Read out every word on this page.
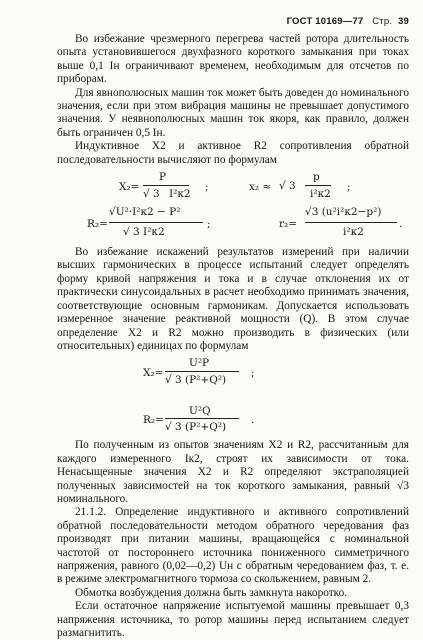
ГОСТ 10169—77 Стр. 39

Во избежание чрезмерного перегрева частей ротора длительность опыта установившегося двухфазного короткого замыкания при токах выше 0,1 Iн ограничивают временем, необходимым для отсчетов по приборам.

Для явнополюсных машин ток может быть доведен до номинального значения, если при этом вибрация машины не превышает допустимого значения. У неявнополюсных машин ток якоря, как правило, должен быть ограничен 0,5 Iн.

Индуктивное X2 и активное R2 сопротивления обратной последовательности вычисляют по формулам

X₂=
P
√ 3 I²к2
;	x₂ ≈ √ 3
p
i²к2
;
R₂=
√U²·I²к2 − P²
√ 3 I²к2
;	r₂=
√3 (u²i²к2−p²)
i²к2
.

Во избежание искажений результатов измерений при наличии высших гармонических в процессе испытаний следует определять форму кривой напряжения и тока и в случае отклонения их от практически синусоидальных в расчет необходимо принимать значения, соответствующие основным гармоникам. Допускается использовать измеренное значение реактивной мощности (Q). В этом случае определение X2 и R2 можно производить в физических (или относительных) единицах по формулам

X₂=
U²P
√ 3 (P²+Q²)
;
R₂=
U²Q
√ 3 (P²+Q²)
.

По полученным из опытов значениям X2 и R2, рассчитанным для каждого измеренного Iк2, строят их зависимости от тока. Ненасыщенные значения X2 и R2 определяют экстраполяцией полученных зависимостей на ток короткого замыкания, равный √3 номинального.

21.1.2. Определение индуктивного и активного сопротивлений обратной последовательности методом обратного чередования фаз производят при питании машины, вращающейся с номинальной частотой от постороннего источника пониженного симметричного напряжения, равного (0,02—0,2) Uн с обратным чередованием фаз, т. е. в режиме электромагнитного тормоза со скольжением, равным 2.

Обмотка возбуждения должна быть замкнута накоротко.

Если остаточное напряжение испытуемой машины превышает 0,3 напряжения источника, то ротор машины перед испытанием следует размагнитить.
